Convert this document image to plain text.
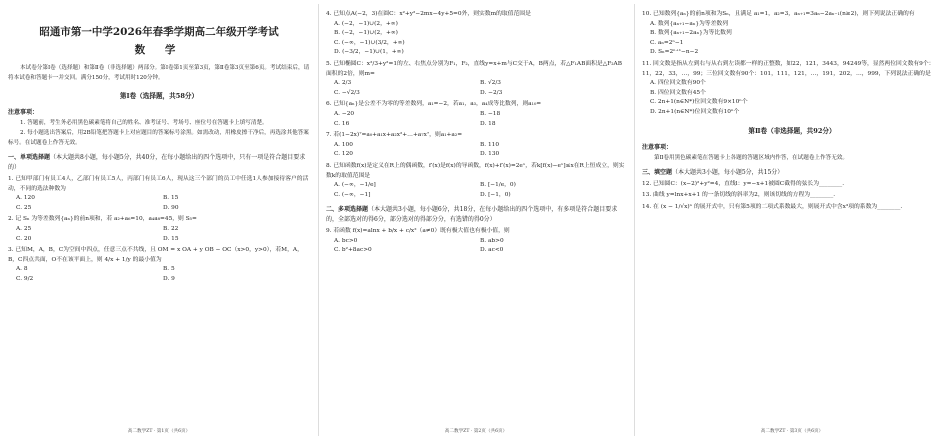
昭通市第一中学2026年春季学期高二年级开学考试
数 学
本试卷分第Ⅰ卷（选择题）和第Ⅱ卷（非选择题）两部分。第Ⅰ卷第1页至第3页，第Ⅱ卷第3页至第6页。考试结束后，请将本试卷和答题卡一并交回。满分150分，考试用时120分钟。
第Ⅰ卷（选择题，共58分）
注意事项：
1. 答题前，考生务必用黑色碳素笔将自己的姓名、准考证号、考场号、座位号在答题卡上填写清楚。
2. 每小题选出答案后，用2B铅笔把答题卡上对应题目的答案标号涂黑。如需改动，用橡皮擦干净后，再选涂其他答案标号。在试题卷上作答无效。
一、单项选择题（本大题共8小题，每小题5分，共40分，在每小题给出的四个选项中，只有一项是符合题目要求的）
1. 已知甲部门有员工4人，乙部门有员工5人，丙部门有员工6人，现从这三个部门的员工中任选1人参加接待客户的活动，不同的选法种数为
A. 120	B. 15
C. 25	D. 90
2. 记 Sₙ 为等差数列{aₙ}的前n项和，若 a₂+a₆=10，a₄a₈=45，则 S₅=
A. 25	B. 22
C. 20	D. 15
3. 已知M，A，B，C为空间中四点，任意三点不共线，且 OM = x OA + y OB − OC（x>0，y>0），若M，A，B，C四点共面，O不在该平面上，则 4/x + 1/y 的最小值为
A. 8	B. 5
C. 9/2	D. 9
高二数学ZT · 第1页（共6页）
4. 已知点A(−2，3)在圆C：x²+y²−2mx−4y+5=0外，则实数m的取值范围是
A. (−2，−1)∪(2，+∞)
B. (−2，−1)∪(2，+∞)
C. (−∞，−1)∪(3/2，+∞)
D. (−3/2，−1)∪(1，+∞)
5. 已知椭圆C：x²/3+y²=1的左、右焦点分别为F₁，F₂，直线y=x+m与C交于A，B两点，若△F₁AB面积是△F₂AB面积的2倍，则m=
A. 2/3	B. √2/3
C. −√2/3	D. −2/3
6. 已知{aₙ}是公差不为零的等差数列，a₁=−2，若a₁，a₃，a₄成等比数列，则a₁₀=
A. −20	B. −18
C. 16	D. 18
7. 若(1−2x)⁷=a₀+a₁x+a₂x²+…+a₇x⁷，则a₁+a₂=
A. 100	B. 110
C. 120	D. 130
8. 已知函数f(x)是定义在R上的偶函数，f′(x)是f(x)的导函数，f(x)+f′(x)=2eˣ，若k[f(x)−eˣ]≤x在R上恒成立，则实数k的取值范围是
A. (−∞，−1/e]	B. [−1/e，0)
C. (−∞，−1]	D. [−1，0)
二、多项选择题（本大题共3小题，每小题6分，共18分，在每小题给出的四个选项中，有多项是符合题目要求的，全部选对的得6分，部分选对的得部分分，有选错的得0分）
9. 若函数 f(x)=alnx + b/x + c/x²（a≠0）既有极大值也有极小值，则
A. bc>0	B. ab>0
C. b²+8ac>0	D. ac<0
高二数学ZT · 第2页（共6页）
10. 已知数列{aₙ}的前n项和为Sₙ，且满足 a₁=1，a₂=3，aₙ₊₁=3aₙ−2aₙ₋₁(n≥2)，则下列说法正确的有
A. 数列{aₙ₊₁−aₙ}为等差数列
B. 数列{aₙ₊₁−2aₙ}为等比数列
C. aₙ=2ⁿ−1
D. Sₙ=2ⁿ⁺¹−n−2
11. 回文数是指从左到右与从右到左读都一样的正整数，如22，121，3443，94249等，显然两位回文数有9个：11，22，33，…，99；三位回文数有90个：101，111，121，…，191，202，…，999，下列说法正确的是
A. 四位回文数有90个
B. 四位回文数有45个
C. 2n+1(n∈N*)位回文数有9×10ⁿ个
D. 2n+1(n∈N*)位回文数有10ⁿ个
第Ⅱ卷（非选择题，共92分）
注意事项：
第Ⅱ卷用黑色碳素笔在答题卡上各题的答题区域内作答，在试题卷上作答无效。
三、填空题（本大题共3小题，每小题5分，共15分）
12. 已知圆C：(x−2)²+y²=4，直线l：y=−x+1被圆C截得的弦长为________.
13. 曲线 y=lnx+x+1 的一条切线的斜率为2，则该切线的方程为________.
14. 在 (x − 1/√x)ⁿ 的展开式中，只有第5项的二项式系数最大，则展开式中含x³项的系数为________.
高二数学ZT · 第3页（共6页）
